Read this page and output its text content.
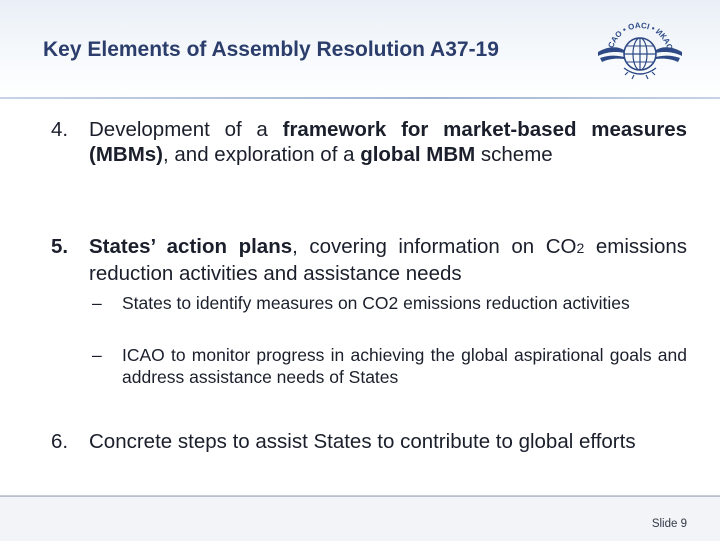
Key Elements of Assembly Resolution A37-19	ICAO • OACI • ИКАО
4. Development of a framework for market-based measures (MBMs), and exploration of a global MBM scheme
5. States’ action plans, covering information on CO2 emissions reduction activities and assistance needs
– States to identify measures on CO2 emissions reduction activities
– ICAO to monitor progress in achieving the global aspirational goals and address assistance needs of States
6. Concrete steps to assist States to contribute to global efforts
Slide 9
